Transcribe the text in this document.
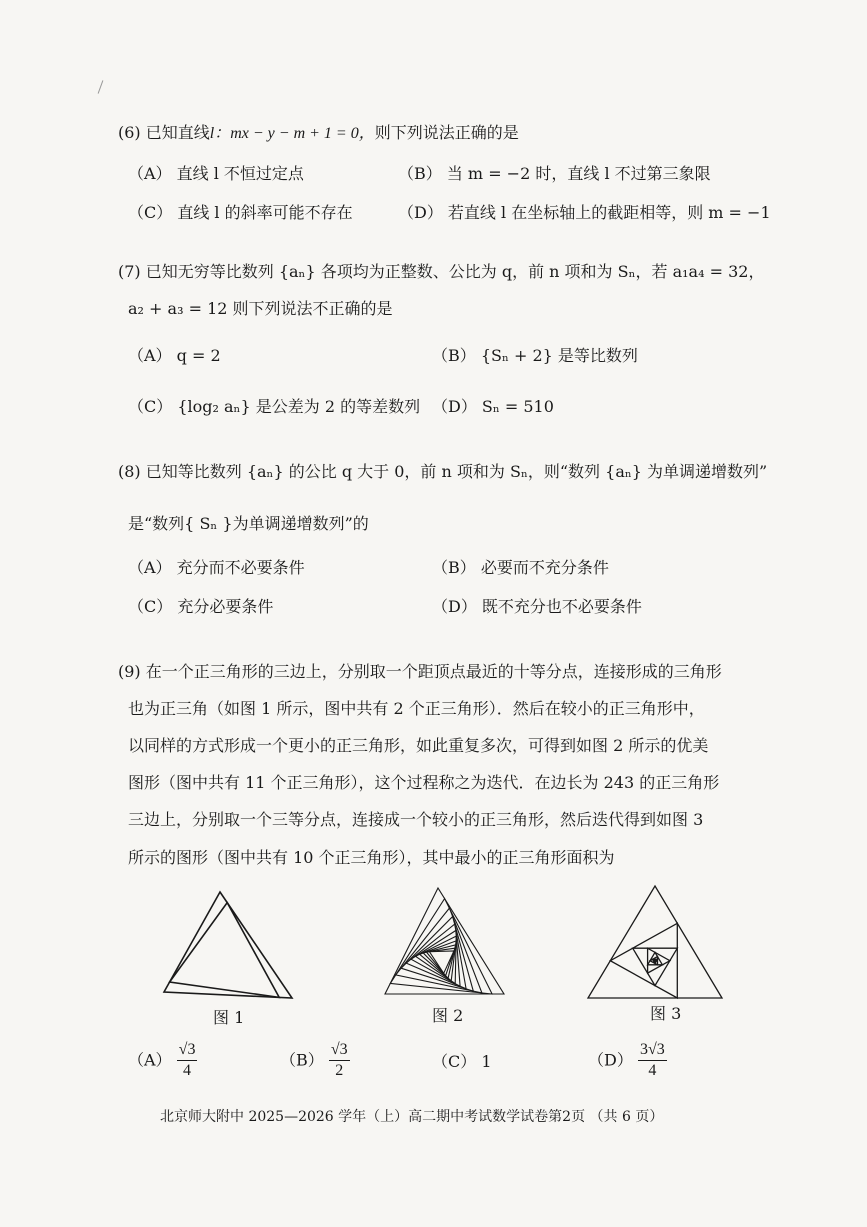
(6) 已知直线l：mx − y − m + 1 = 0，则下列说法正确的是
（A） 直线 l 不恒过定点	（B） 当 m = −2 时，直线 l 不过第三象限
（C） 直线 l 的斜率可能不存在	（D） 若直线 l 在坐标轴上的截距相等，则 m = −1
(7) 已知无穷等比数列 {aₙ} 各项均为正整数、公比为 q，前 n 项和为 Sₙ，若 a₁a₄ = 32，
a₂ + a₃ = 12 则下列说法不正确的是
（A） q = 2	（B） {Sₙ + 2} 是等比数列
（C） {log₂ aₙ} 是公差为 2 的等差数列 （D） Sₙ = 510
(8) 已知等比数列 {aₙ} 的公比 q 大于 0，前 n 项和为 Sₙ，则“数列 {aₙ} 为单调递增数列”
是“数列{ Sₙ }为单调递增数列”的
（A） 充分而不必要条件	（B） 必要而不充分条件
（C） 充分必要条件	（D） 既不充分也不必要条件
(9) 在一个正三角形的三边上，分别取一个距顶点最近的十等分点，连接形成的三角形
也为正三角（如图 1 所示，图中共有 2 个正三角形）．然后在较小的正三角形中，
以同样的方式形成一个更小的正三角形，如此重复多次，可得到如图 2 所示的优美
图形（图中共有 11 个正三角形），这个过程称之为迭代．在边长为 243 的正三角形
三边上，分别取一个三等分点，连接成一个较小的正三角形，然后迭代得到如图 3
所示的图形（图中共有 10 个正三角形），其中最小的正三角形面积为
图 1	图 2	图 3
$(A) \frac{√3}{4}$	$(B) \frac{√3}{2}$	（C） 1	$(D) \frac{3√3}{4}$
北京师大附中 2025—2026 学年（上）高二期中考试数学试卷第2页 （共 6 页）
